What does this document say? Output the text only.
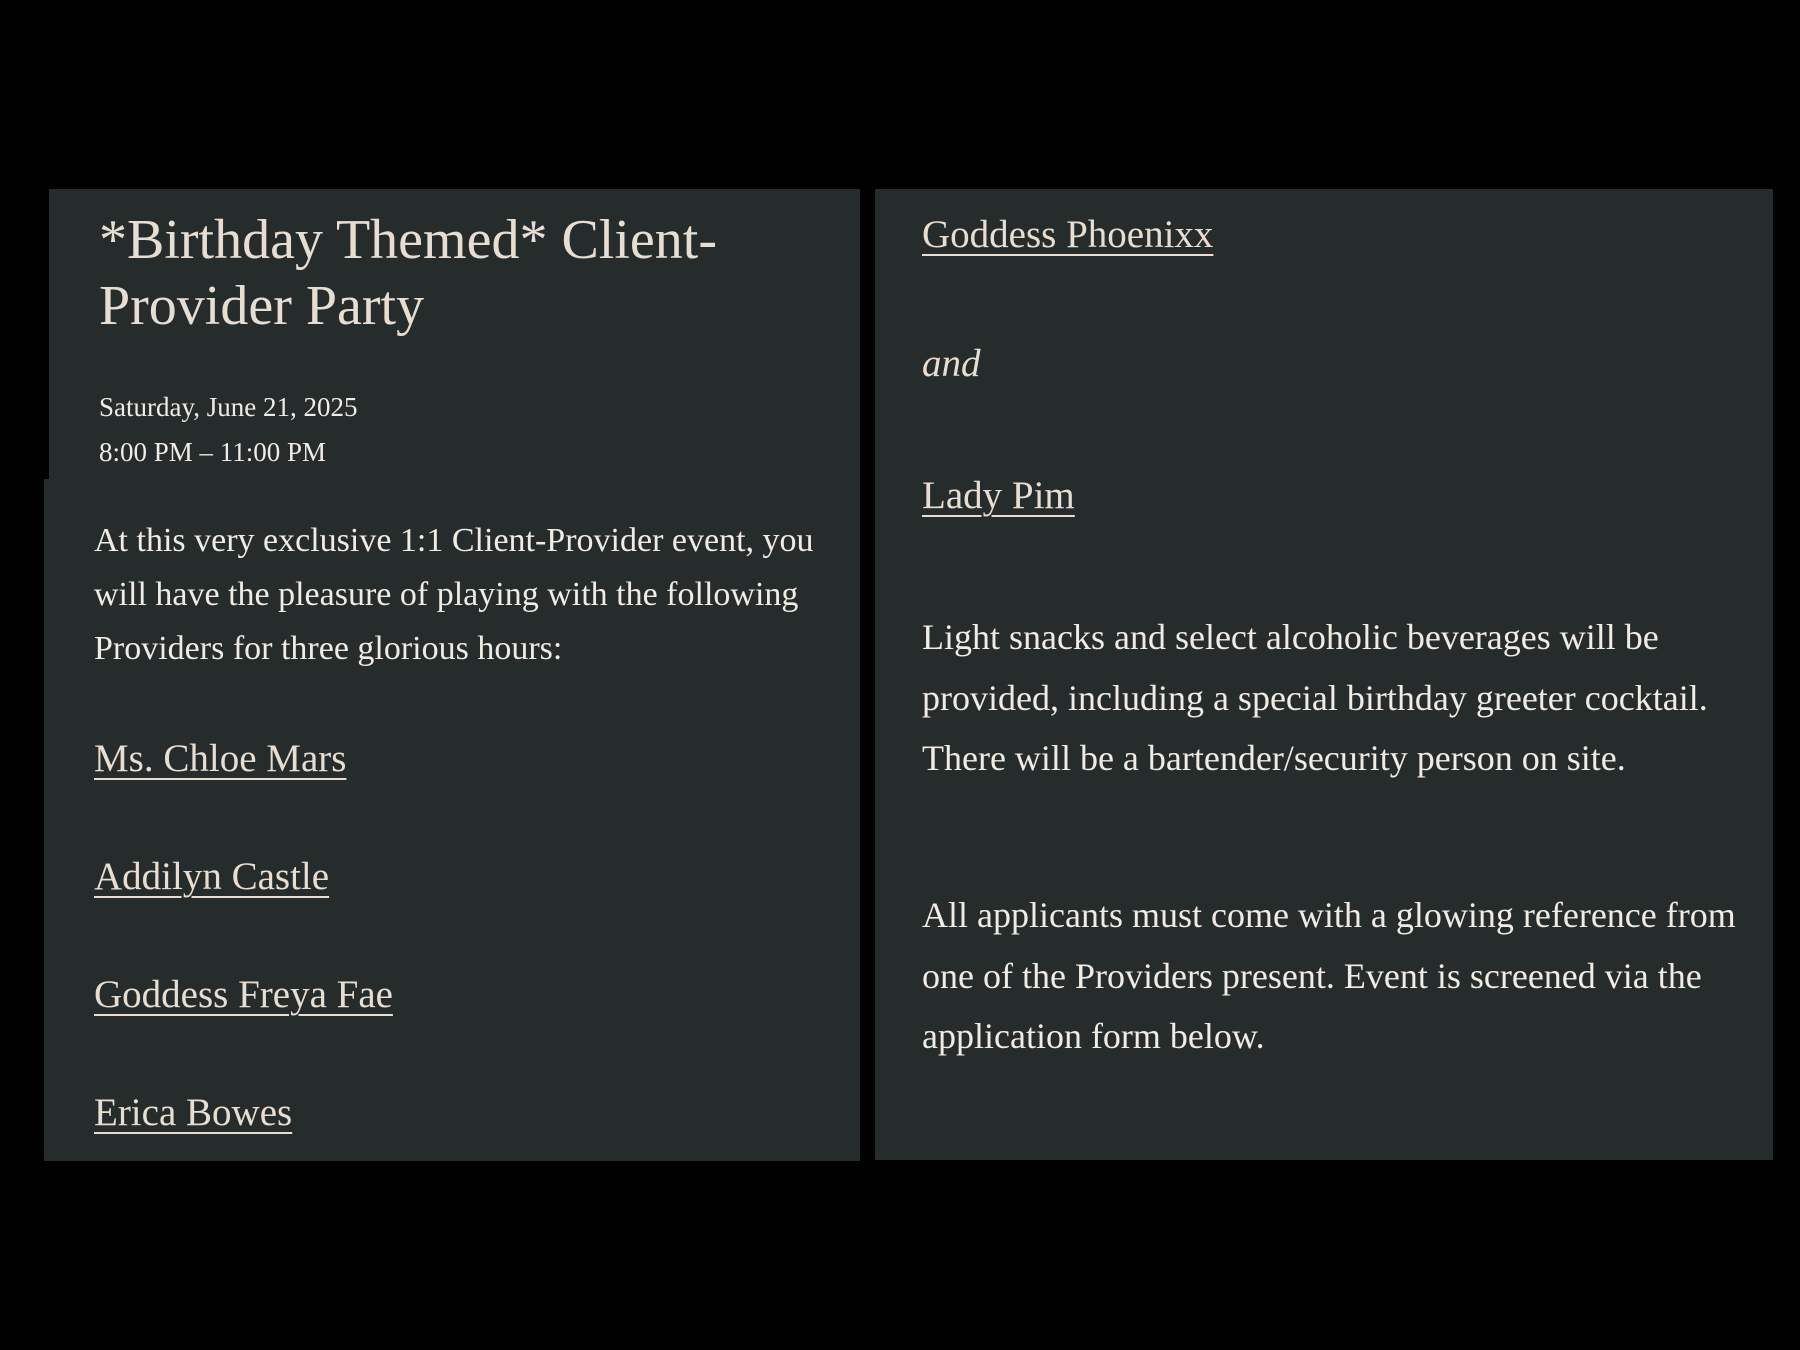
*Birthday Themed* Client-Provider Party
Saturday, June 21, 2025
8:00 PM – 11:00 PM

At this very exclusive 1:1 Client-Provider event, you will have the pleasure of playing with the following Providers for three glorious hours:

Ms. Chloe Mars
Addilyn Castle
Goddess Freya Fae
Erica Bowes
Goddess Phoenixx
and
Lady Pim

Light snacks and select alcoholic beverages will be provided, including a special birthday greeter cocktail. There will be a bartender/security person on site.

All applicants must come with a glowing reference from one of the Providers present. Event is screened via the application form below.
